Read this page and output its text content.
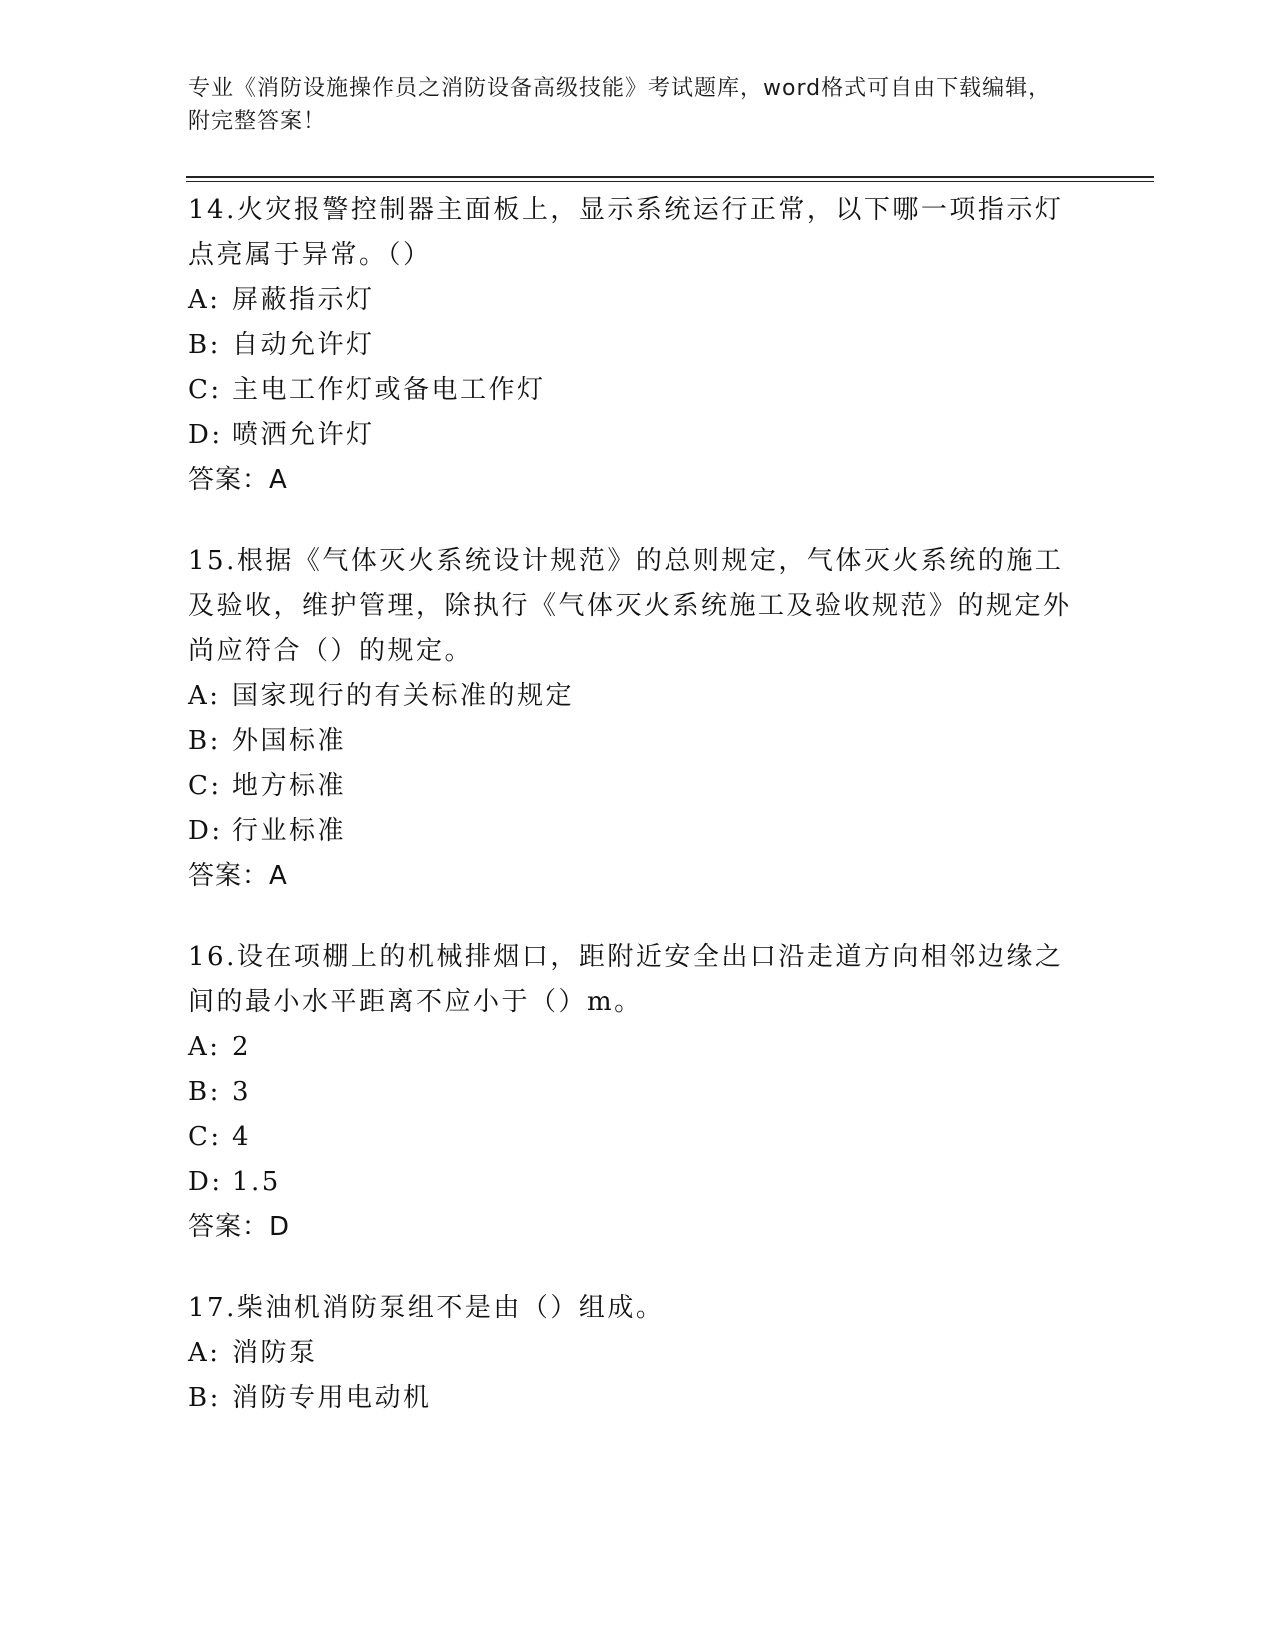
专业《消防设施操作员之消防设备高级技能》考试题库，word格式可自由下载编辑，附完整答案！

14.火灾报警控制器主面板上，显示系统运行正常，以下哪一项指示灯点亮属于异常。（）

A: 屏蔽指示灯

B: 自动允许灯

C: 主电工作灯或备电工作灯

D: 喷洒允许灯

答案：A

15.根据《气体灭火系统设计规范》的总则规定，气体灭火系统的施工及验收，维护管理，除执行《气体灭火系统施工及验收规范》的规定外尚应符合（）的规定。

A: 国家现行的有关标准的规定

B: 外国标准

C: 地方标准

D: 行业标准

答案：A

16.设在项棚上的机械排烟口，距附近安全出口沿走道方向相邻边缘之间的最小水平距离不应小于（）m。

A: 2

B: 3

C: 4

D: 1.5

答案：D

17.柴油机消防泵组不是由（）组成。

A: 消防泵

B: 消防专用电动机
